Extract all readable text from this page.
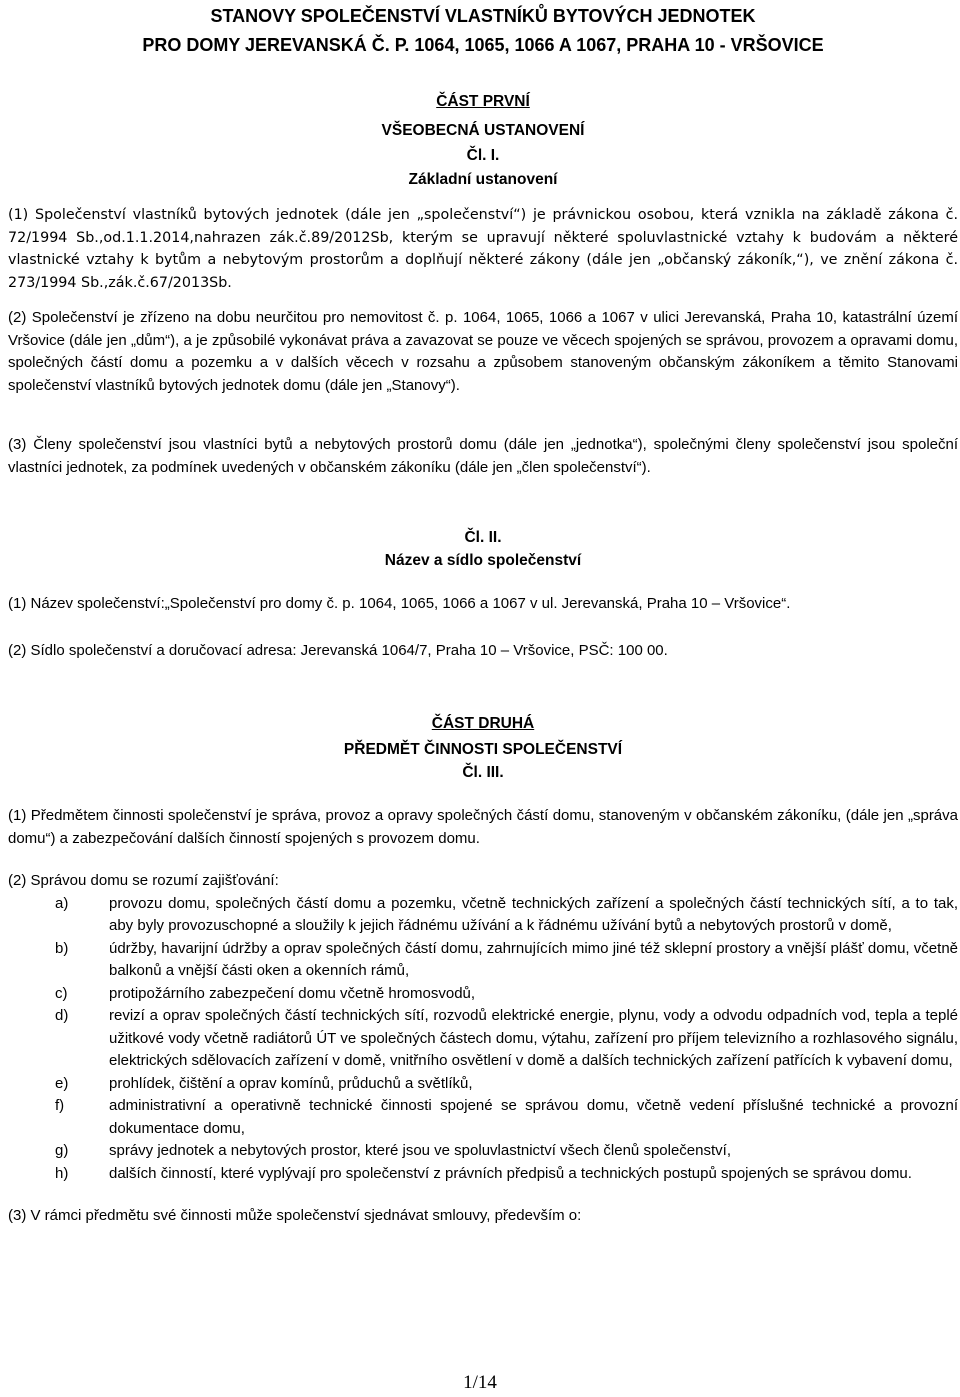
STANOVY SPOLEČENSTVÍ VLASTNÍKŮ BYTOVÝCH JEDNOTEK
PRO DOMY JEREVANSKÁ Č. P. 1064, 1065, 1066 A 1067, PRAHA 10 - VRŠOVICE
ČÁST PRVNÍ
VŠEOBECNÁ USTANOVENÍ
Čl. I.
Základní ustanovení

(1) Společenství vlastníků bytových jednotek (dále jen „společenství“) je právnickou osobou, která vznikla na základě zákona č. 72/1994 Sb.,od.1.1.2014,nahrazen zák.č.89/2012Sb, kterým se upravují některé spoluvlastnické vztahy k budovám a některé vlastnické vztahy k bytům a nebytovým prostorům a doplňují některé zákony (dále jen „občanský zákoník,“), ve znění zákona č. 273/1994 Sb.,zák.č.67/2013Sb.

(2) Společenství je zřízeno na dobu neurčitou pro nemovitost č. p. 1064, 1065, 1066 a 1067 v ulici Jerevanská, Praha 10, katastrální území Vršovice (dále jen „dům“), a je způsobilé vykonávat práva a zavazovat se pouze ve věcech spojených se správou, provozem a opravami domu, společných částí domu a pozemku a v dalších věcech v rozsahu a způsobem stanoveným občanským zákoníkem a těmito Stanovami společenství vlastníků bytových jednotek domu (dále jen „Stanovy“).

(3) Členy společenství jsou vlastníci bytů a nebytových prostorů domu (dále jen „jednotka“), společnými členy společenství jsou společní vlastníci jednotek, za podmínek uvedených v občanském zákoníku (dále jen „člen společenství“).

Čl. II.
Název a sídlo společenství

(1) Název společenství:„Společenství pro domy č. p. 1064, 1065, 1066 a 1067 v ul. Jerevanská, Praha 10 – Vršovice“.

(2) Sídlo společenství a doručovací adresa: Jerevanská 1064/7, Praha 10 – Vršovice, PSČ: 100 00.

ČÁST DRUHÁ
PŘEDMĚT ČINNOSTI SPOLEČENSTVÍ
Čl. III.

(1) Předmětem činnosti společenství je správa, provoz a opravy společných částí domu, stanoveným v občanském zákoníku, (dále jen „správa domu“) a zabezpečování dalších činností spojených s provozem domu.

(2) Správou domu se rozumí zajišťování:

a)	provozu domu, společných částí domu a pozemku, včetně technických zařízení a společných částí technických sítí, a to tak, aby byly provozuschopné a sloužily k jejich řádnému užívání a k řádnému užívání bytů a nebytových prostorů v domě,
b)	údržby, havarijní údržby a oprav společných částí domu, zahrnujících mimo jiné též sklepní prostory a vnější plášť domu, včetně balkonů a vnější části oken a okenních rámů,
c)	protipožárního zabezpečení domu včetně hromosvodů,
d)	revizí a oprav společných částí technických sítí, rozvodů elektrické energie, plynu, vody a odvodu odpadních vod, tepla a teplé užitkové vody včetně radiátorů ÚT ve společných částech domu, výtahu, zařízení pro příjem televizního a rozhlasového signálu, elektrických sdělovacích zařízení v domě, vnitřního osvětlení v domě a dalších technických zařízení patřících k vybavení domu,
e)	prohlídek, čištění a oprav komínů, průduchů a světlíků,
f)	administrativní a operativně technické činnosti spojené se správou domu, včetně vedení příslušné technické a provozní dokumentace domu,
g)	správy jednotek a nebytových prostor, které jsou ve spoluvlastnictví všech členů společenství,
h)	dalších činností, které vyplývají pro společenství z právních předpisů a technických postupů spojených se správou domu.

(3) V rámci předmětu své činnosti může společenství sjednávat smlouvy, především o:

1/14
